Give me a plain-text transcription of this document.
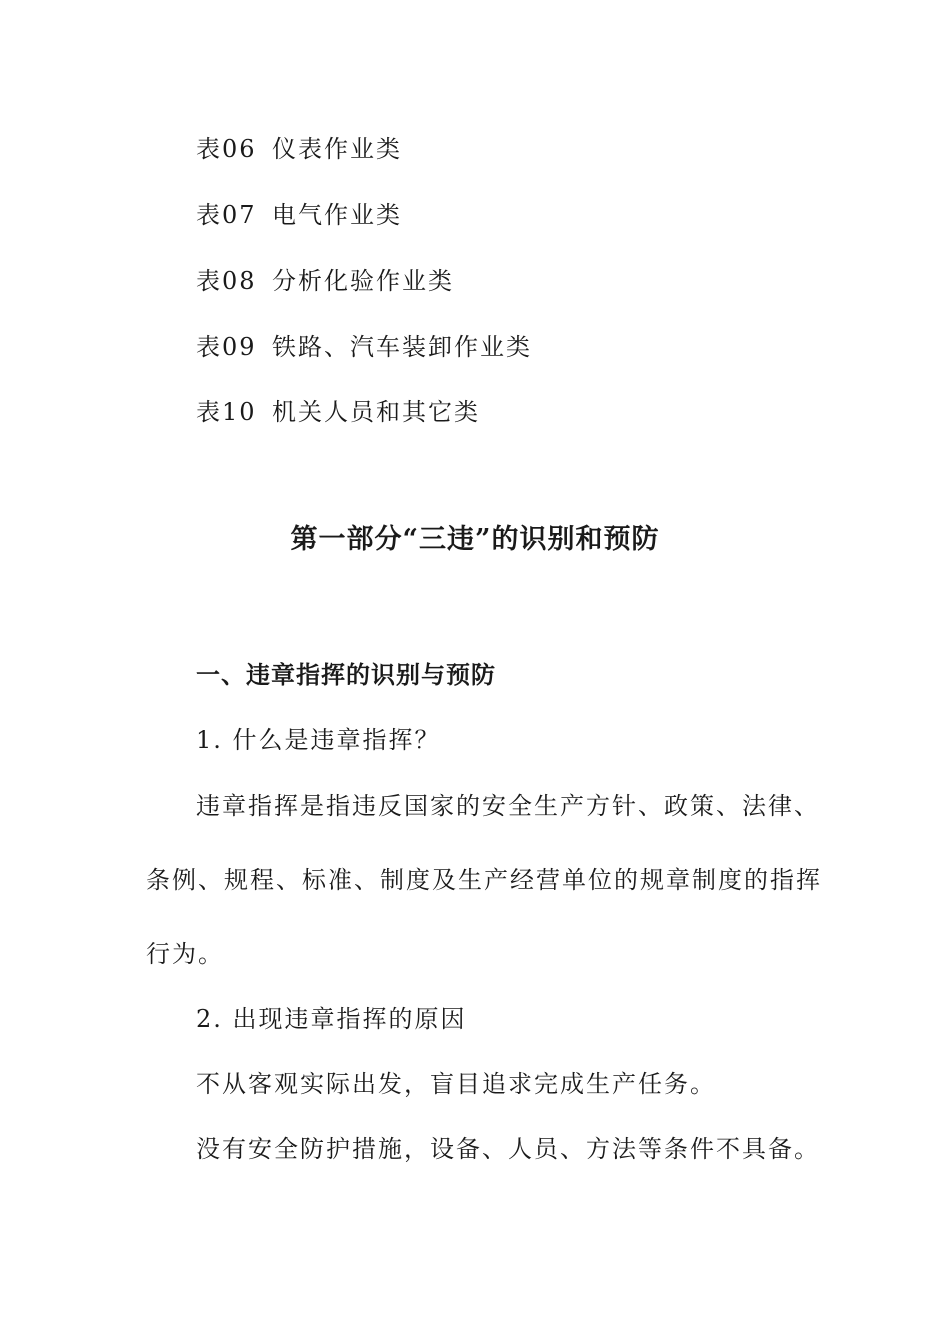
表06 仪表作业类
表07 电气作业类
表08 分析化验作业类
表09 铁路、汽车装卸作业类
表10 机关人员和其它类
第一部分“三违”的识别和预防
一、违章指挥的识别与预防
1. 什么是违章指挥？
违章指挥是指违反国家的安全生产方针、政策、法律、
条例、规程、标准、制度及生产经营单位的规章制度的指挥
行为。
2. 出现违章指挥的原因
不从客观实际出发，盲目追求完成生产任务。
没有安全防护措施，设备、人员、方法等条件不具备。
